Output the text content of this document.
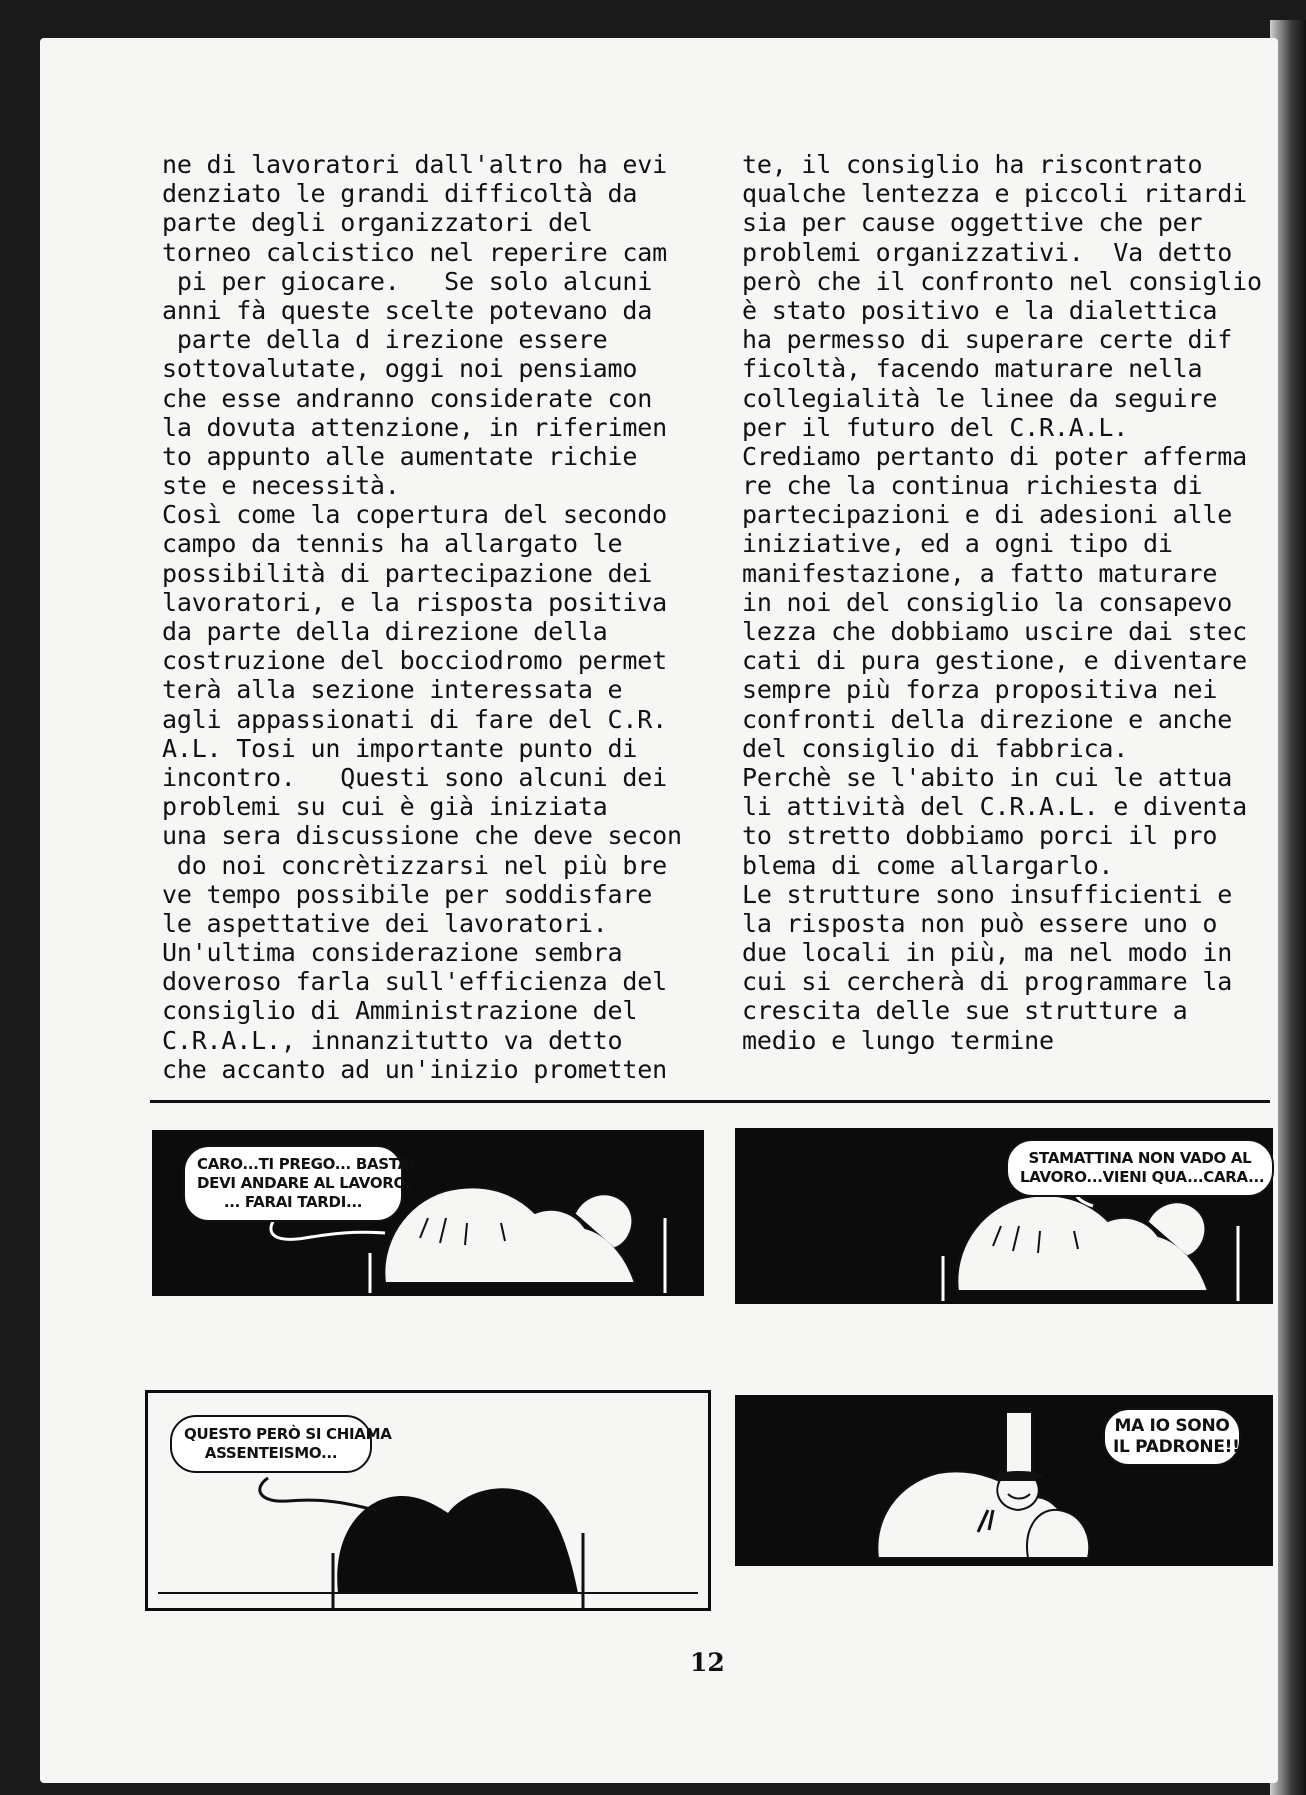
ne di lavoratori dall'altro ha evi
denziato le grandi difficoltà da
parte degli organizzatori del
torneo calcistico nel reperire cam
pi per giocare.   Se solo alcuni
anni fà queste scelte potevano da
parte della d irezione essere
sottovalutate, oggi noi pensiamo
che esse andranno considerate con
la dovuta attenzione, in riferimen
to appunto alle aumentate richie
ste e necessità.
Così come la copertura del secondo
campo da tennis ha allargato le
possibilità di partecipazione dei
lavoratori, e la risposta positiva
da parte della direzione della
costruzione del bocciodromo permet
terà alla sezione interessata e
agli appassionati di fare del C.R.
A.L. Tosi un importante punto di
incontro.   Questi sono alcuni dei
problemi su cui è già iniziata
una sera discussione che deve secon
do noi concrètizzarsi nel più bre
ve tempo possibile per soddisfare
le aspettative dei lavoratori.
Un'ultima considerazione sembra
doveroso farla sull'efficienza del
consiglio di Amministrazione del
C.R.A.L., innanzitutto va detto
che accanto ad un'inizio prometten
te, il consiglio ha riscontrato
qualche lentezza e piccoli ritardi
sia per cause oggettive che per
problemi organizzativi.  Va detto
però che il confronto nel consiglio
è stato positivo e la dialettica
ha permesso di superare certe dif
ficoltà, facendo maturare nella
collegialità le linee da seguire
per il futuro del C.R.A.L.
Crediamo pertanto di poter afferma
re che la continua richiesta di
partecipazioni e di adesioni alle
iniziative, ed a ogni tipo di
manifestazione, a fatto maturare
in noi del consiglio la consapevo
lezza che dobbiamo uscire dai stec
cati di pura gestione, e diventare
sempre più forza propositiva nei
confronti della direzione e anche
del consiglio di fabbrica.
Perchè se l'abito in cui le attua
li attività del C.R.A.L. e diventa
to stretto dobbiamo porci il pro
blema di come allargarlo.
Le strutture sono insufficienti e
la risposta non può essere uno o
due locali in più, ma nel modo in
cui si cercherà di programmare la
crescita delle sue strutture a
medio e lungo termine
CARO...TI PREGO... BASTA!
DEVI ANDARE AL LAVORO,
... FARAI TARDI...
STAMATTINA NON VADO AL
LAVORO...VIENI QUA...CARA...
QUESTO PERÒ SI CHIAMA
ASSENTEISMO...
MA IO SONO
IL PADRONE!!
12
